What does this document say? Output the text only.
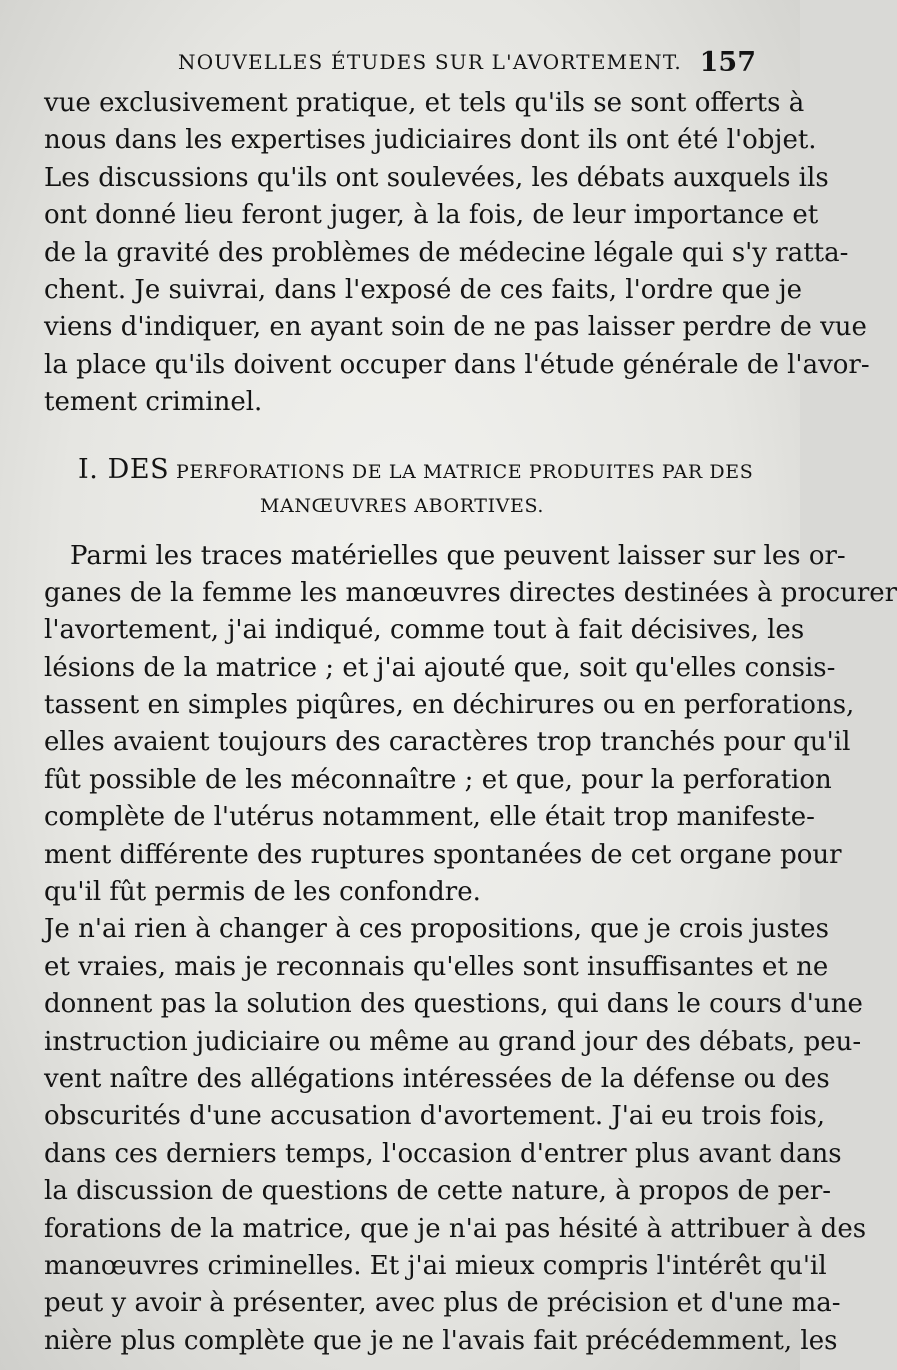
NOUVELLES ÉTUDES SUR L'AVORTEMENT. 157
vue exclusivement pratique, et tels qu'ils se sont offerts à
nous dans les expertises judiciaires dont ils ont été l'objet.
Les discussions qu'ils ont soulevées, les débats auxquels ils
ont donné lieu feront juger, à la fois, de leur importance et
de la gravité des problèmes de médecine légale qui s'y ratta-
chent. Je suivrai, dans l'exposé de ces faits, l'ordre que je
viens d'indiquer, en ayant soin de ne pas laisser perdre de vue
la place qu'ils doivent occuper dans l'étude générale de l'avor-
tement criminel.
I. DES PERFORATIONS DE LA MATRICE PRODUITES PAR DES
MANŒUVRES ABORTIVES.
Parmi les traces matérielles que peuvent laisser sur les or-
ganes de la femme les manœuvres directes destinées à procurer
l'avortement, j'ai indiqué, comme tout à fait décisives, les
lésions de la matrice ; et j'ai ajouté que, soit qu'elles consis-
tassent en simples piqûres, en déchirures ou en perforations,
elles avaient toujours des caractères trop tranchés pour qu'il
fût possible de les méconnaître ; et que, pour la perforation
complète de l'utérus notamment, elle était trop manifeste-
ment différente des ruptures spontanées de cet organe pour
qu'il fût permis de les confondre.
Je n'ai rien à changer à ces propositions, que je crois justes
et vraies, mais je reconnais qu'elles sont insuffisantes et ne
donnent pas la solution des questions, qui dans le cours d'une
instruction judiciaire ou même au grand jour des débats, peu-
vent naître des allégations intéressées de la défense ou des
obscurités d'une accusation d'avortement. J'ai eu trois fois,
dans ces derniers temps, l'occasion d'entrer plus avant dans
la discussion de questions de cette nature, à propos de per-
forations de la matrice, que je n'ai pas hésité à attribuer à des
manœuvres criminelles. Et j'ai mieux compris l'intérêt qu'il
peut y avoir à présenter, avec plus de précision et d'une ma-
nière plus complète que je ne l'avais fait précédemment, les
